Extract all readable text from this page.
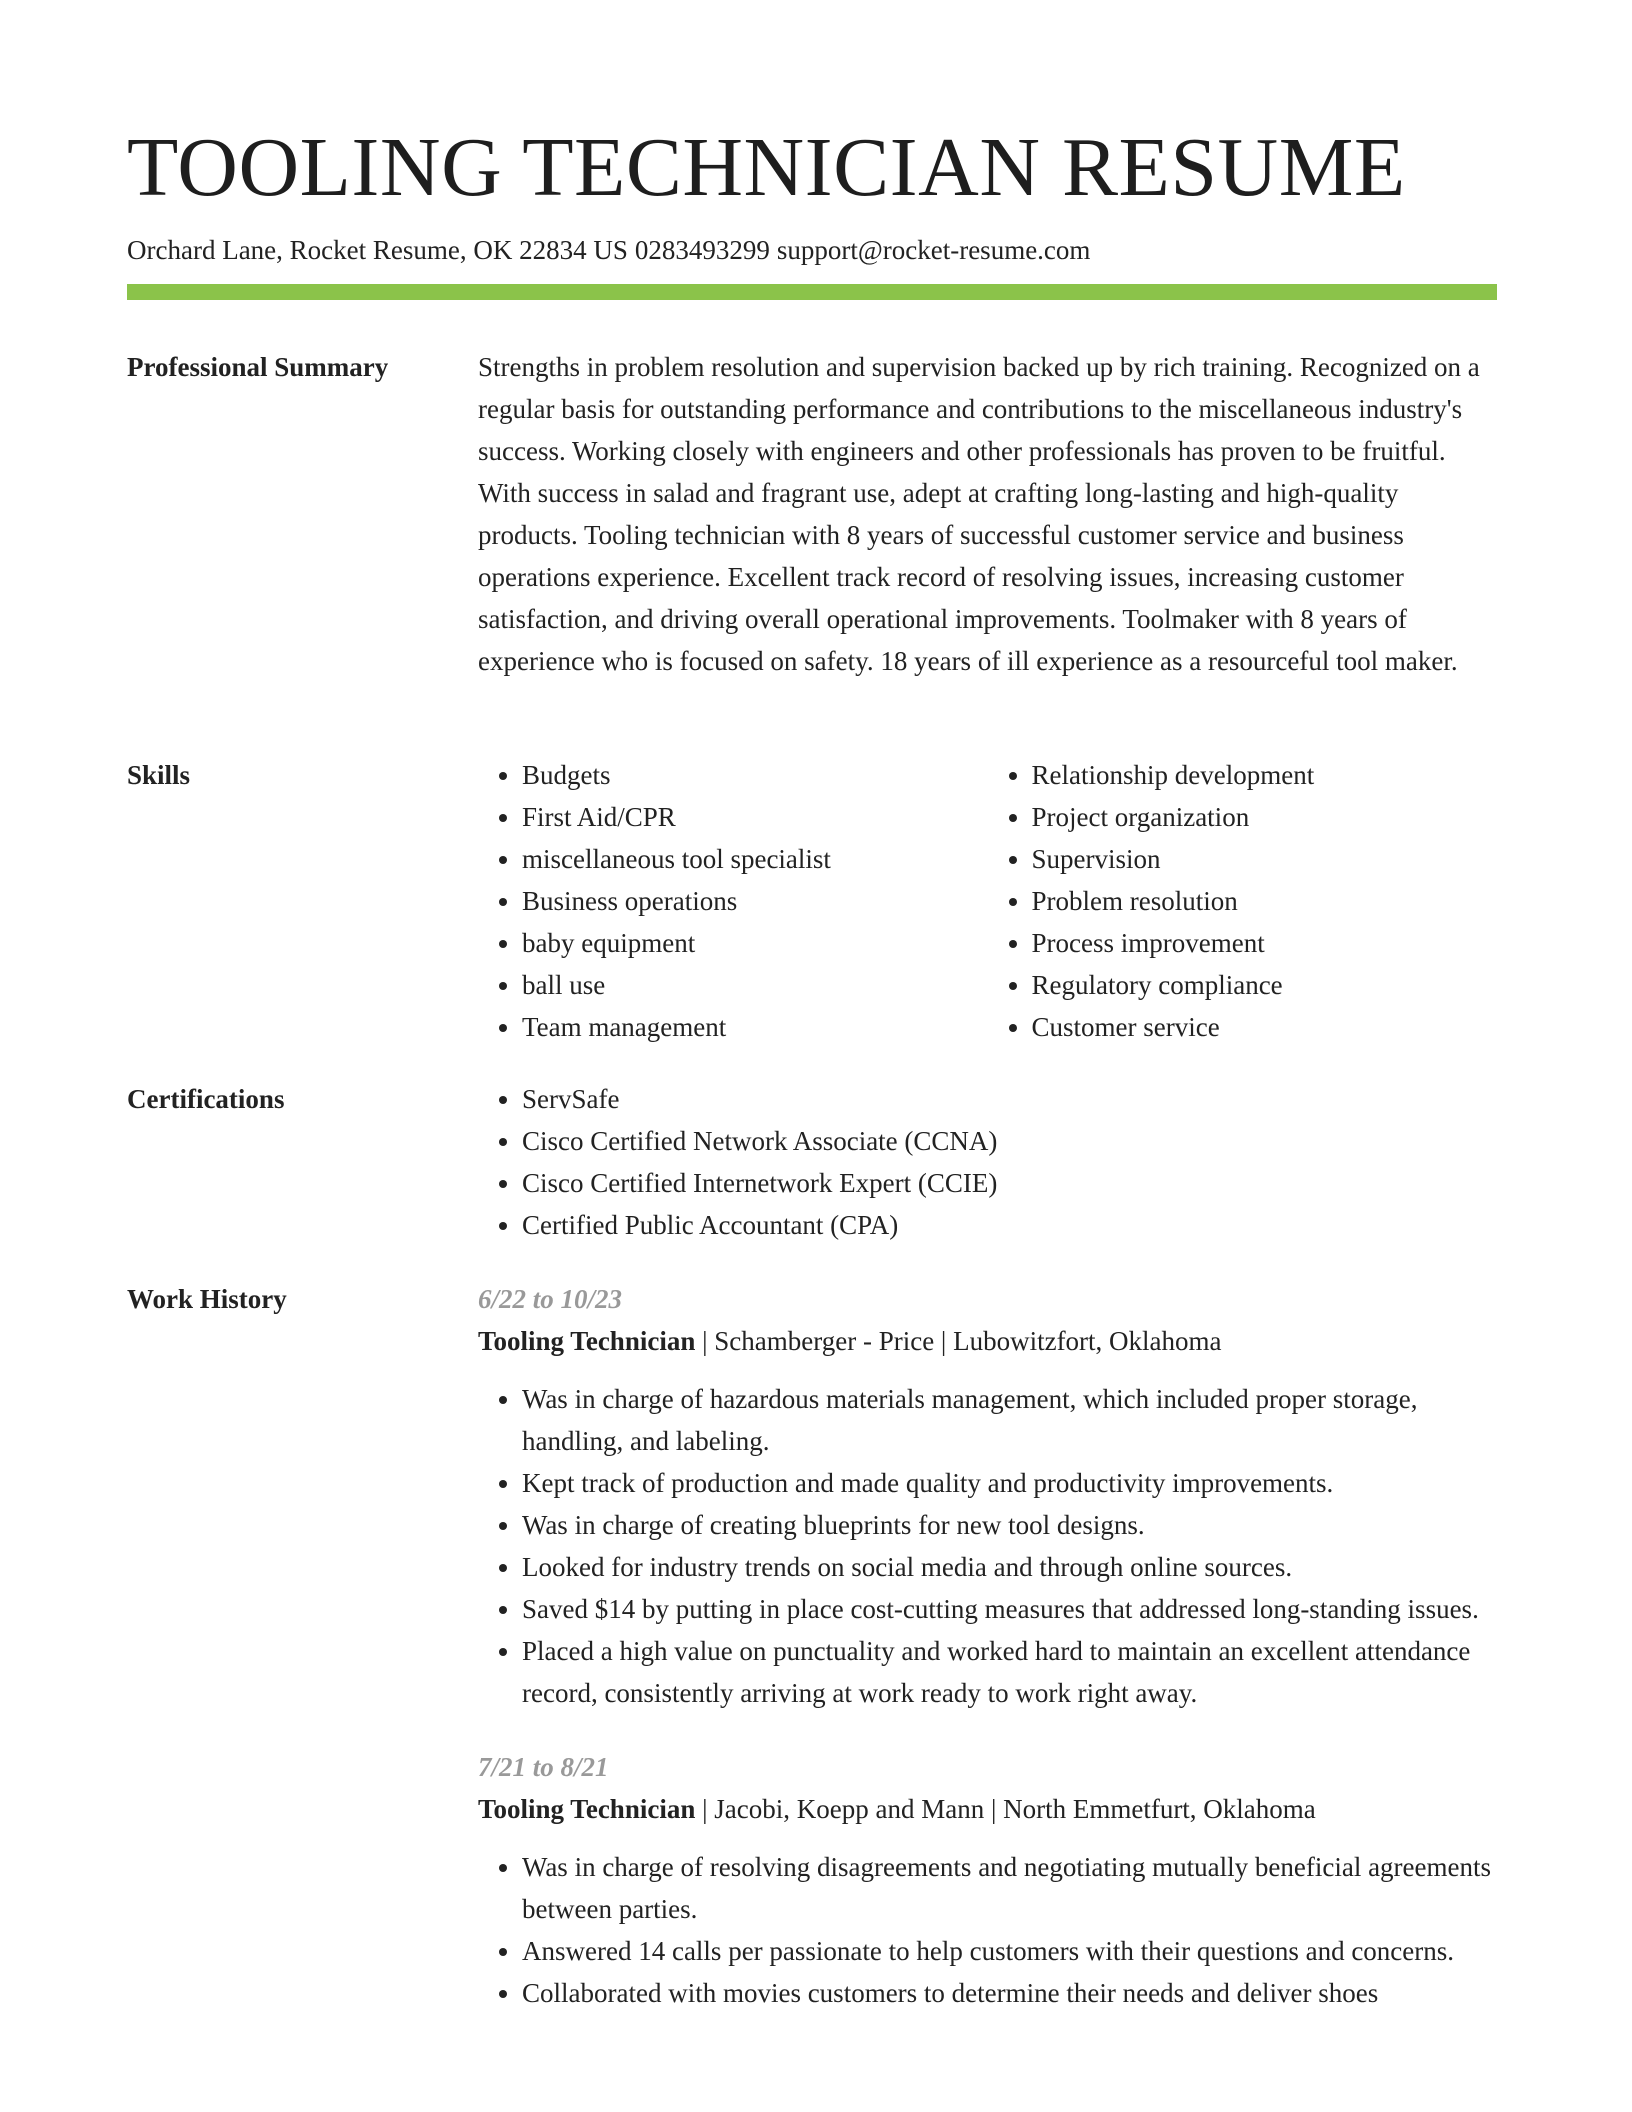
TOOLING TECHNICIAN RESUME
Orchard Lane, Rocket Resume, OK 22834 US 0283493299 support@rocket-resume.com
Professional Summary	Strengths in problem resolution and supervision backed up by rich training. Recognized on a regular basis for outstanding performance and contributions to the miscellaneous industry's success. Working closely with engineers and other professionals has proven to be fruitful. With success in salad and fragrant use, adept at crafting long-lasting and high-quality products. Tooling technician with 8 years of successful customer service and business operations experience. Excellent track record of resolving issues, increasing customer satisfaction, and driving overall operational improvements. Toolmaker with 8 years of experience who is focused on safety. 18 years of ill experience as a resourceful tool maker.

Skills	• Budgets
• First Aid/CPR
• miscellaneous tool specialist
• Business operations
• baby equipment
• ball use
• Team management
• Relationship development
• Project organization
• Supervision
• Problem resolution
• Process improvement
• Regulatory compliance
• Customer service
Certifications	• ServSafe
• Cisco Certified Network Associate (CCNA)
• Cisco Certified Internetwork Expert (CCIE)
• Certified Public Accountant (CPA)
Work History	6/22 to 10/23
Tooling Technician | Schamberger - Price | Lubowitzfort, Oklahoma
• Was in charge of hazardous materials management, which included proper storage, handling, and labeling.
• Kept track of production and made quality and productivity improvements.
• Was in charge of creating blueprints for new tool designs.
• Looked for industry trends on social media and through online sources.
• Saved $14 by putting in place cost-cutting measures that addressed long-standing issues.
• Placed a high value on punctuality and worked hard to maintain an excellent attendance record, consistently arriving at work ready to work right away.
7/21 to 8/21
Tooling Technician | Jacobi, Koepp and Mann | North Emmetfurt, Oklahoma
• Was in charge of resolving disagreements and negotiating mutually beneficial agreements between parties.
• Answered 14 calls per passionate to help customers with their questions and concerns.
• Collaborated with movies customers to determine their needs and deliver shoes
